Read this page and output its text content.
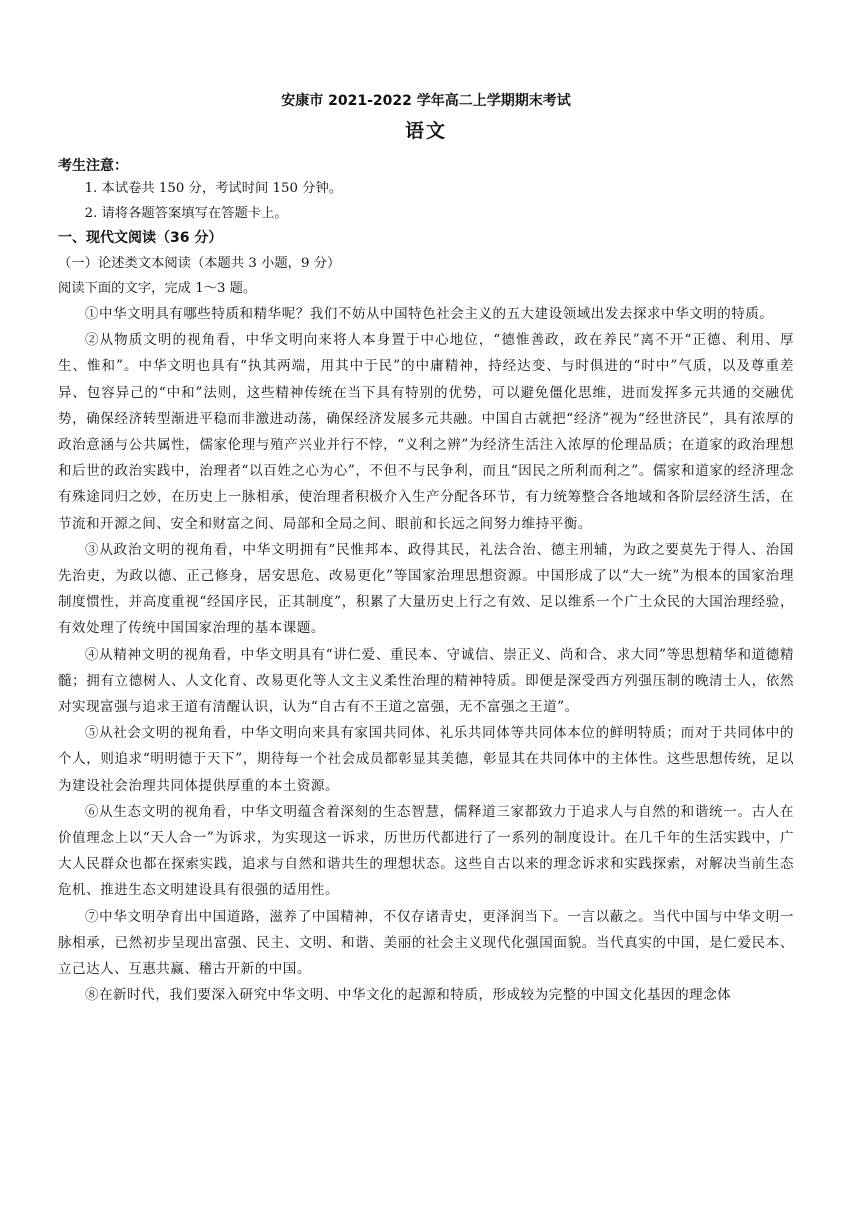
安康市 2021-2022 学年高二上学期期末考试
语文
考生注意：
1. 本试卷共 150 分，考试时间 150 分钟。
2. 请将各题答案填写在答题卡上。
一、现代文阅读（36 分）
（一）论述类文本阅读（本题共 3 小题，9 分）
阅读下面的文字，完成 1～3 题。

①中华文明具有哪些特质和精华呢？我们不妨从中国特色社会主义的五大建设领域出发去探求中华文明的特质。

②从物质文明的视角看，中华文明向来将人本身置于中心地位，“德惟善政，政在养民”离不开“正德、利用、厚生、惟和”。中华文明也具有“执其两端，用其中于民”的中庸精神，持经达变、与时俱进的“时中”气质，以及尊重差异、包容异己的“中和”法则，这些精神传统在当下具有特别的优势，可以避免僵化思维，进而发挥多元共通的交融优势，确保经济转型渐进平稳而非激进动荡，确保经济发展多元共融。中国自古就把“经济”视为“经世济民”，具有浓厚的政治意涵与公共属性，儒家伦理与殖产兴业并行不悖，“义利之辨”为经济生活注入浓厚的伦理品质；在道家的政治理想和后世的政治实践中，治理者“以百姓之心为心”，不但不与民争利，而且“因民之所利而利之”。儒家和道家的经济理念有殊途同归之妙，在历史上一脉相承，使治理者积极介入生产分配各环节，有力统筹整合各地域和各阶层经济生活，在节流和开源之间、安全和财富之间、局部和全局之间、眼前和长远之间努力维持平衡。

③从政治文明的视角看，中华文明拥有“民惟邦本、政得其民，礼法合治、德主刑辅，为政之要莫先于得人、治国先治吏，为政以德、正己修身，居安思危、改易更化”等国家治理思想资源。中国形成了以“大一统”为根本的国家治理制度惯性，并高度重视“经国序民，正其制度”，积累了大量历史上行之有效、足以维系一个广土众民的大国治理经验，有效处理了传统中国国家治理的基本课题。

④从精神文明的视角看，中华文明具有“讲仁爱、重民本、守诚信、崇正义、尚和合、求大同”等思想精华和道德精髓；拥有立德树人、人文化育、改易更化等人文主义柔性治理的精神特质。即便是深受西方列强压制的晚清士人，依然对实现富强与追求王道有清醒认识，认为“自古有不王道之富强，无不富强之王道”。

⑤从社会文明的视角看，中华文明向来具有家国共同体、礼乐共同体等共同体本位的鲜明特质；而对于共同体中的个人，则追求“明明德于天下”，期待每一个社会成员都彰显其美德，彰显其在共同体中的主体性。这些思想传统，足以为建设社会治理共同体提供厚重的本土资源。

⑥从生态文明的视角看，中华文明蕴含着深刻的生态智慧，儒释道三家都致力于追求人与自然的和谐统一。古人在价值理念上以“天人合一”为诉求，为实现这一诉求，历世历代都进行了一系列的制度设计。在几千年的生活实践中，广大人民群众也都在探索实践，追求与自然和谐共生的理想状态。这些自古以来的理念诉求和实践探索，对解决当前生态危机、推进生态文明建设具有很强的适用性。

⑦中华文明孕育出中国道路，滋养了中国精神，不仅存诸青史，更泽润当下。一言以蔽之。当代中国与中华文明一脉相承，已然初步呈现出富强、民主、文明、和谐、美丽的社会主义现代化强国面貌。当代真实的中国，是仁爱民本、立己达人、互惠共赢、稽古开新的中国。

⑧在新时代，我们要深入研究中华文明、中华文化的起源和特质，形成较为完整的中国文化基因的理念体
